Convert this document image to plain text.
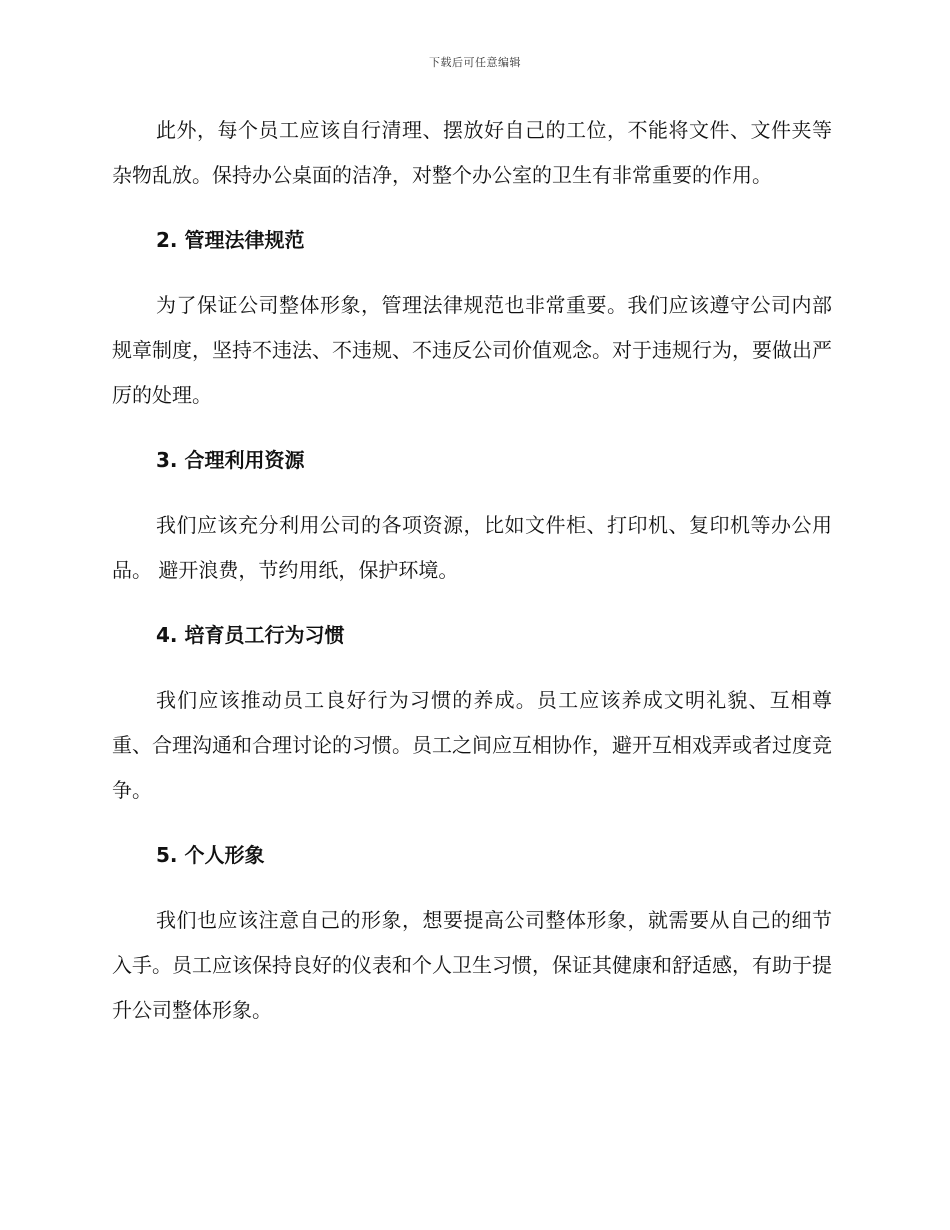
下载后可任意编辑

此外，每个员工应该自行清理、摆放好自己的工位，不能将文件、文件夹等杂物乱放。保持办公桌面的洁净，对整个办公室的卫生有非常重要的作用。

2. 管理法律规范

为了保证公司整体形象，管理法律规范也非常重要。我们应该遵守公司内部规章制度，坚持不违法、不违规、不违反公司价值观念。对于违规行为，要做出严厉的处理。

3. 合理利用资源

我们应该充分利用公司的各项资源，比如文件柜、打印机、复印机等办公用品。 避开浪费，节约用纸，保护环境。

4. 培育员工行为习惯

我们应该推动员工良好行为习惯的养成。员工应该养成文明礼貌、互相尊重、合理沟通和合理讨论的习惯。员工之间应互相协作，避开互相戏弄或者过度竞争。

5. 个人形象

我们也应该注意自己的形象，想要提高公司整体形象，就需要从自己的细节入手。员工应该保持良好的仪表和个人卫生习惯，保证其健康和舒适感，有助于提升公司整体形象。
